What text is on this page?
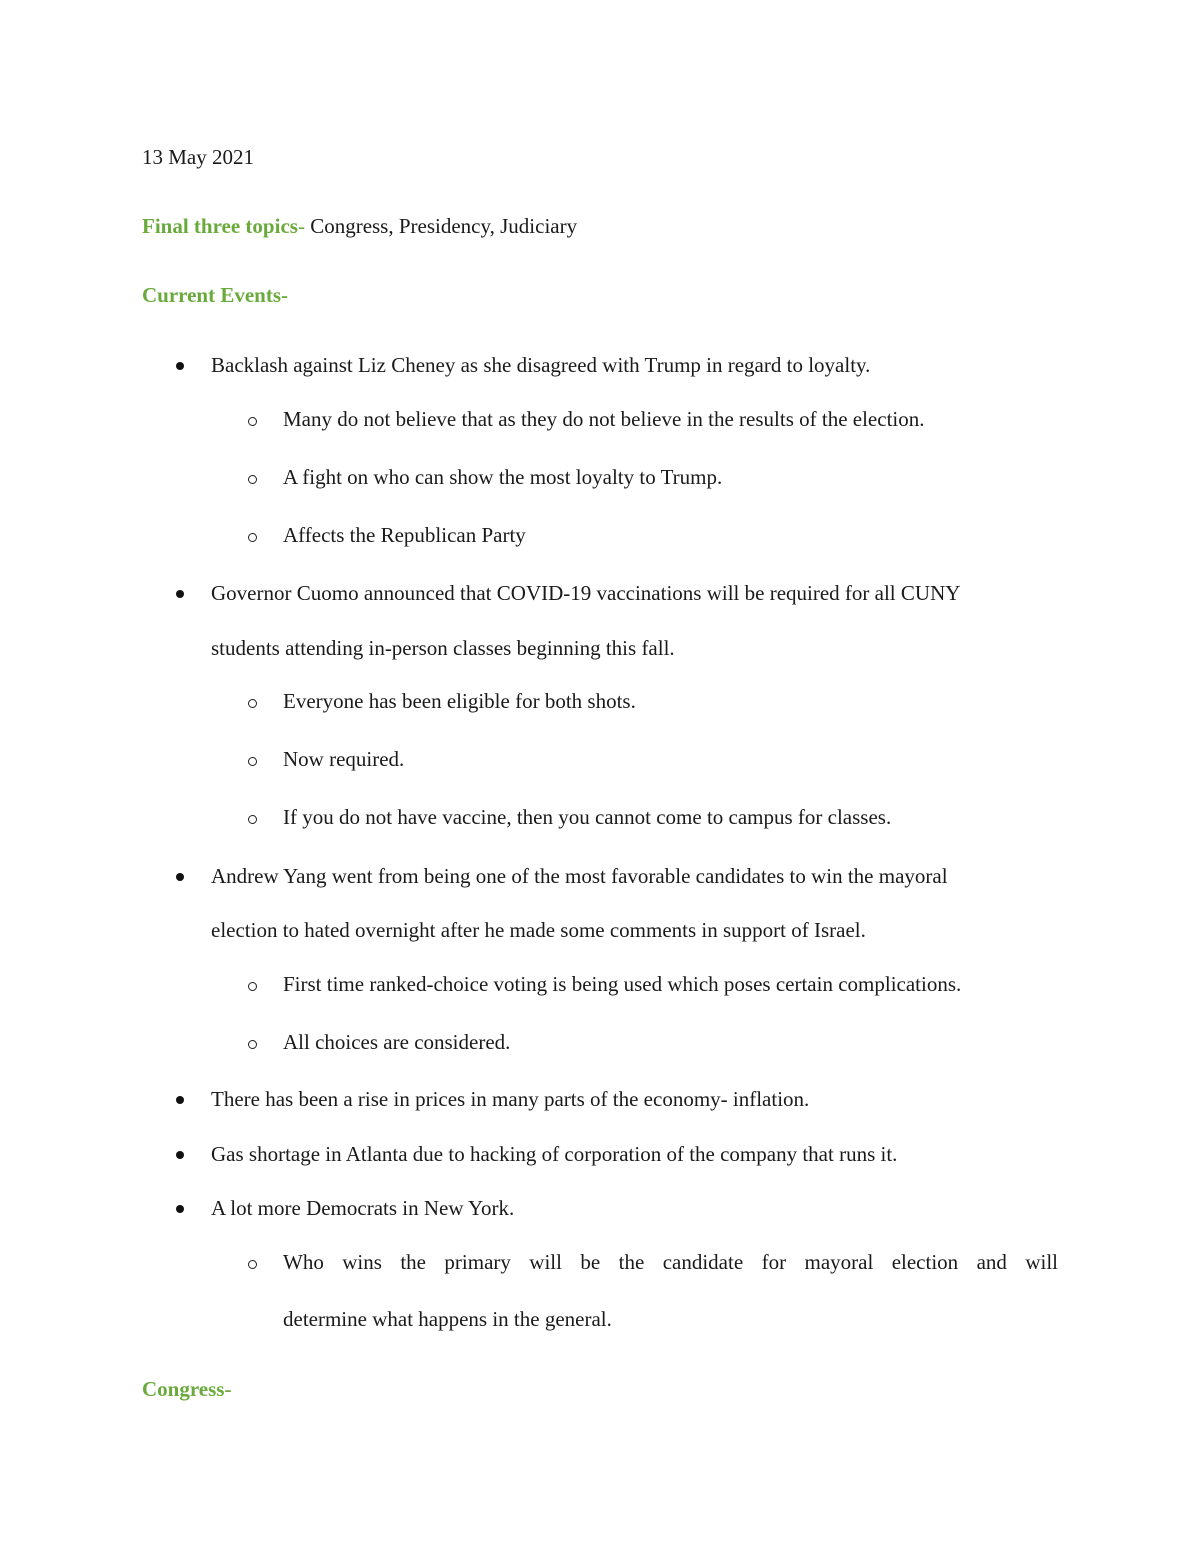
13 May 2021
Final three topics- Congress, Presidency, Judiciary
Current Events-
Backlash against Liz Cheney as she disagreed with Trump in regard to loyalty.
Many do not believe that as they do not believe in the results of the election.
A fight on who can show the most loyalty to Trump.
Affects the Republican Party
Governor Cuomo announced that COVID-19 vaccinations will be required for all CUNY
students attending in-person classes beginning this fall.
Everyone has been eligible for both shots.
Now required.
If you do not have vaccine, then you cannot come to campus for classes.
Andrew Yang went from being one of the most favorable candidates to win the mayoral
election to hated overnight after he made some comments in support of Israel.
First time ranked-choice voting is being used which poses certain complications.
All choices are considered.
There has been a rise in prices in many parts of the economy- inflation.
Gas shortage in Atlanta due to hacking of corporation of the company that runs it.
A lot more Democrats in New York.
Who wins the primary will be the candidate for mayoral election and will
determine what happens in the general.
Congress-
